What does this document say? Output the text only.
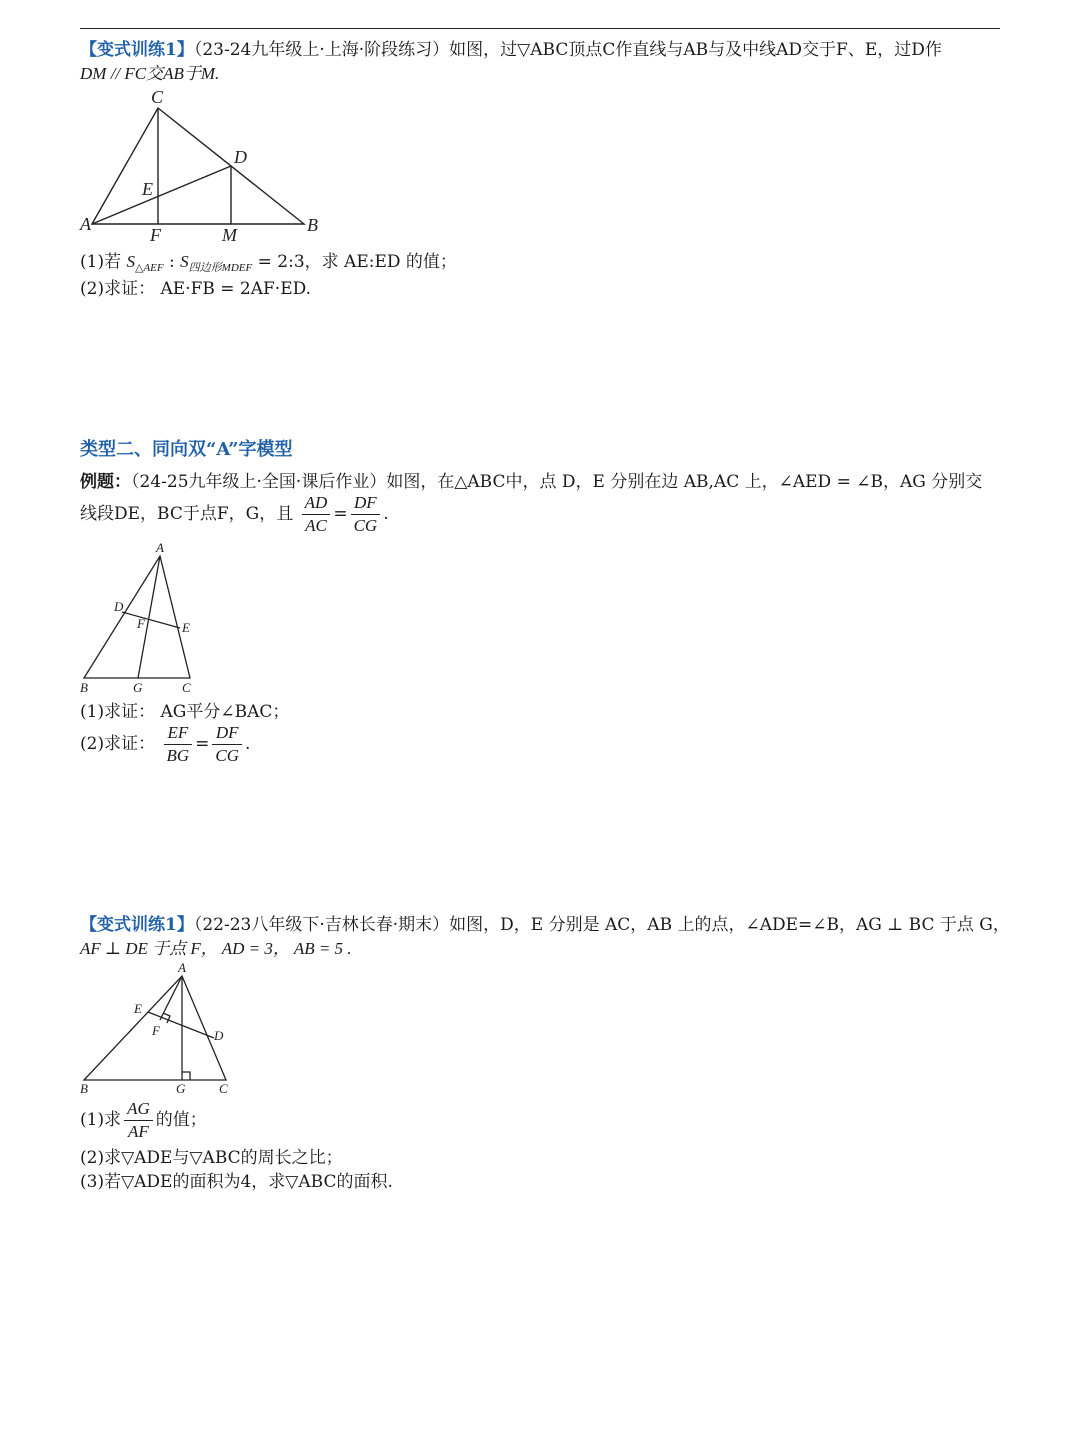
【变式训练1】（23-24九年级上·上海·阶段练习）如图，过▽ABC顶点C作直线与AB与及中线AD交于F、E，过D作
DM // FC交AB于M.
C
D
E
A
F	M	B
(1)若 $S_{\triangle AEF}$ : $S_{四边形MDEF}$ = 2:3，求 AE:ED 的值；
(2)求证： AE·FB = 2AF·ED.
类型二、同向双“A”字模型
例题：（24-25九年级上·全国·课后作业）如图，在△ABC中，点 D，E 分别在边 AB,AC 上，∠AED = ∠B，AG 分别交
线段DE，BC于点F，G，且 $\frac{AD}{AC} = \frac{DF}{CG}$ .
A
D
F	E
B	G	C
(1)求证： AG平分∠BAC；
(2)求证： $\frac{EF}{BG} = \frac{DF}{CG}$ .
【变式训练1】（22-23八年级下·吉林长春·期末）如图，D，E 分别是 AC，AB 上的点，∠ADE=∠B，AG ⊥ BC 于点 G，
AF ⊥ DE 于点 F， AD = 3， AB = 5 .
A
E
F	D
B	G	C
(1)求 $\frac{AG}{AF}$ 的值；
(2)求▽ADE与▽ABC的周长之比；
(3)若▽ADE的面积为4，求▽ABC的面积.
